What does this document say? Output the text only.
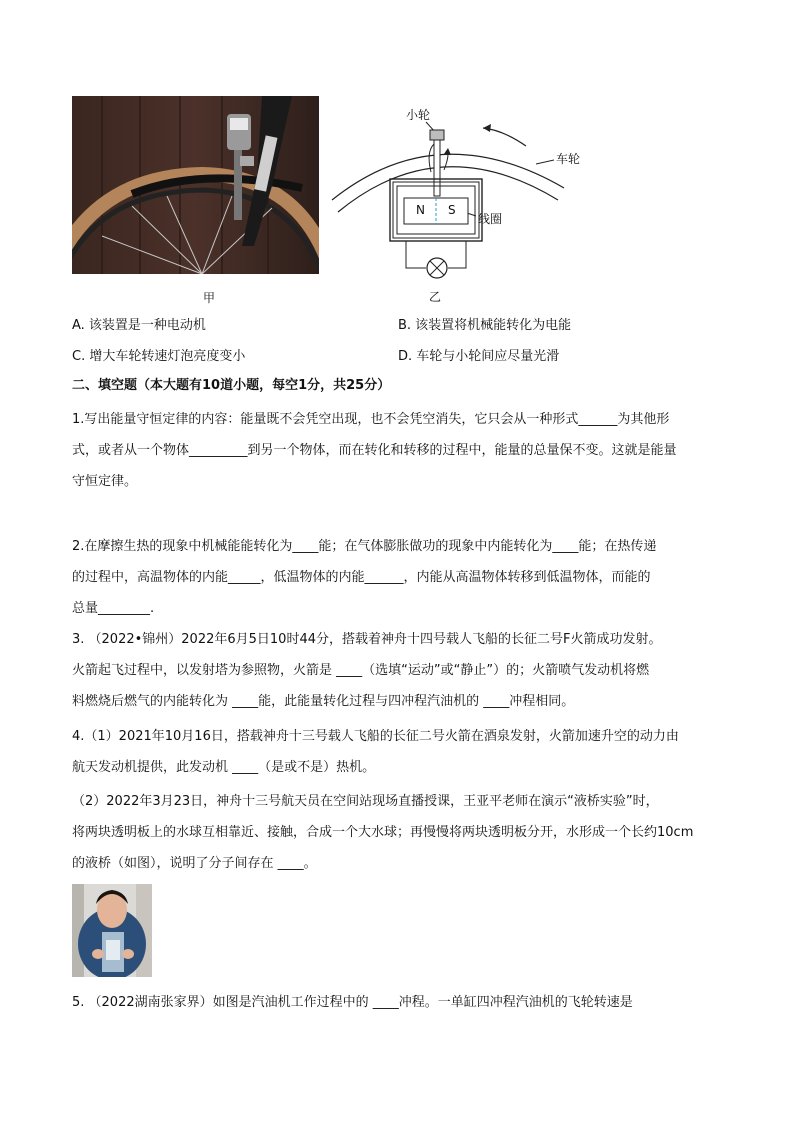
甲
小轮
车轮
线圈
N S
乙
A. 该装置是一种电动机	B. 该装置将机械能转化为电能
C. 增大车轮转速灯泡亮度变小	D. 车轮与小轮间应尽量光滑
二、填空题（本大题有10道小题，每空1分，共25分）
1.写出能量守恒定律的内容：能量既不会凭空出现，也不会凭空消失，它只会从一种形式______为其他形
式，或者从一个物体_________到另一个物体，而在转化和转移的过程中，能量的总量保不变。这就是能量
守恒定律。
2.在摩擦生热的现象中机械能能转化为____能；在气体膨胀做功的现象中内能转化为____能；在热传递
的过程中，高温物体的内能_____，低温物体的内能______，内能从高温物体转移到低温物体，而能的
总量________.
3. （2022•锦州）2022年6月5日10时44分，搭载着神舟十四号载人飞船的长征二号F火箭成功发射。
火箭起飞过程中，以发射塔为参照物，火箭是 ____（选填“运动”或“静止”）的；火箭喷气发动机将燃
料燃烧后燃气的内能转化为 ____能，此能量转化过程与四冲程汽油机的 ____冲程相同。
4.（1）2021年10月16日，搭载神舟十三号载人飞船的长征二号火箭在酒泉发射，火箭加速升空的动力由
航天发动机提供，此发动机 ____（是或不是）热机。
（2）2022年3月23日，神舟十三号航天员在空间站现场直播授课，王亚平老师在演示“液桥实验”时，
将两块透明板上的水球互相靠近、接触，合成一个大水球；再慢慢将两块透明板分开，水形成一个长约10cm
的液桥（如图），说明了分子间存在 ____。
5. （2022湖南张家界）如图是汽油机工作过程中的 ____冲程。一单缸四冲程汽油机的飞轮转速是
